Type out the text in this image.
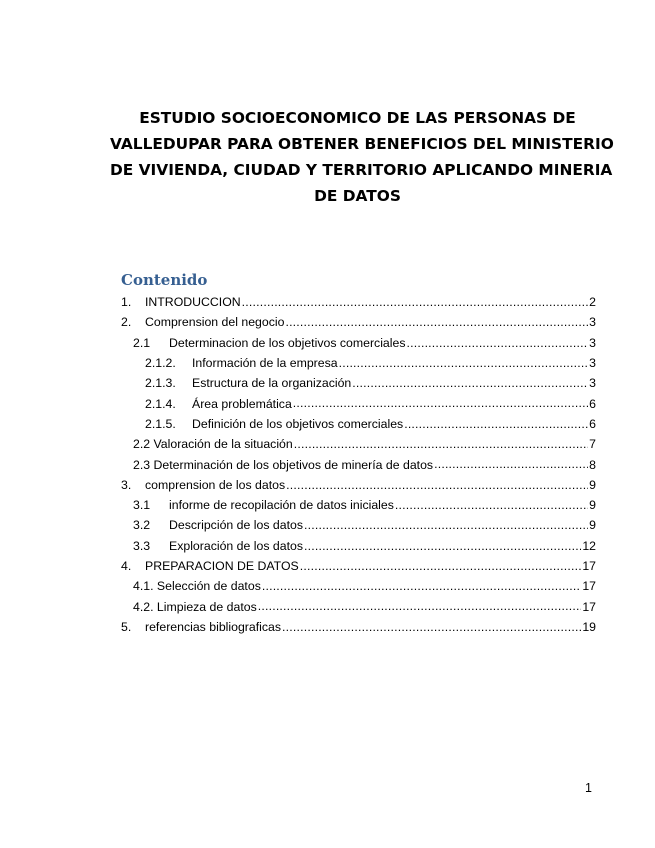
ESTUDIO SOCIOECONOMICO DE LAS PERSONAS DE
VALLEDUPAR PARA OBTENER BENEFICIOS DEL MINISTERIO
DE VIVIENDA, CIUDAD Y TERRITORIO APLICANDO MINERIA
DE DATOS
Contenido
1.	INTRODUCCION .....	2
2.	Comprension del negocio .....	3
2.1	Determinacion de los objetivos comerciales .....	3
2.1.2.	Información de la empresa .....	3
2.1.3.	Estructura de la organización .....	3
2.1.4.	Área problemática .....	6
2.1.5.	Definición de los objetivos comerciales .....	6
2.2 Valoración de la situación .....	7
2.3 Determinación de los objetivos de minería de datos .....	8
3.	comprension de los datos .....	9
3.1	informe de recopilación de datos iniciales .....	9
3.2	Descripción de los datos .....	9
3.3	Exploración de los datos .....	12
4.	PREPARACION DE DATOS .....	17
4.1. Selección de datos .....	17
4.2. Limpieza de datos .....	17
5.	referencias bibliograficas .....	19
1
